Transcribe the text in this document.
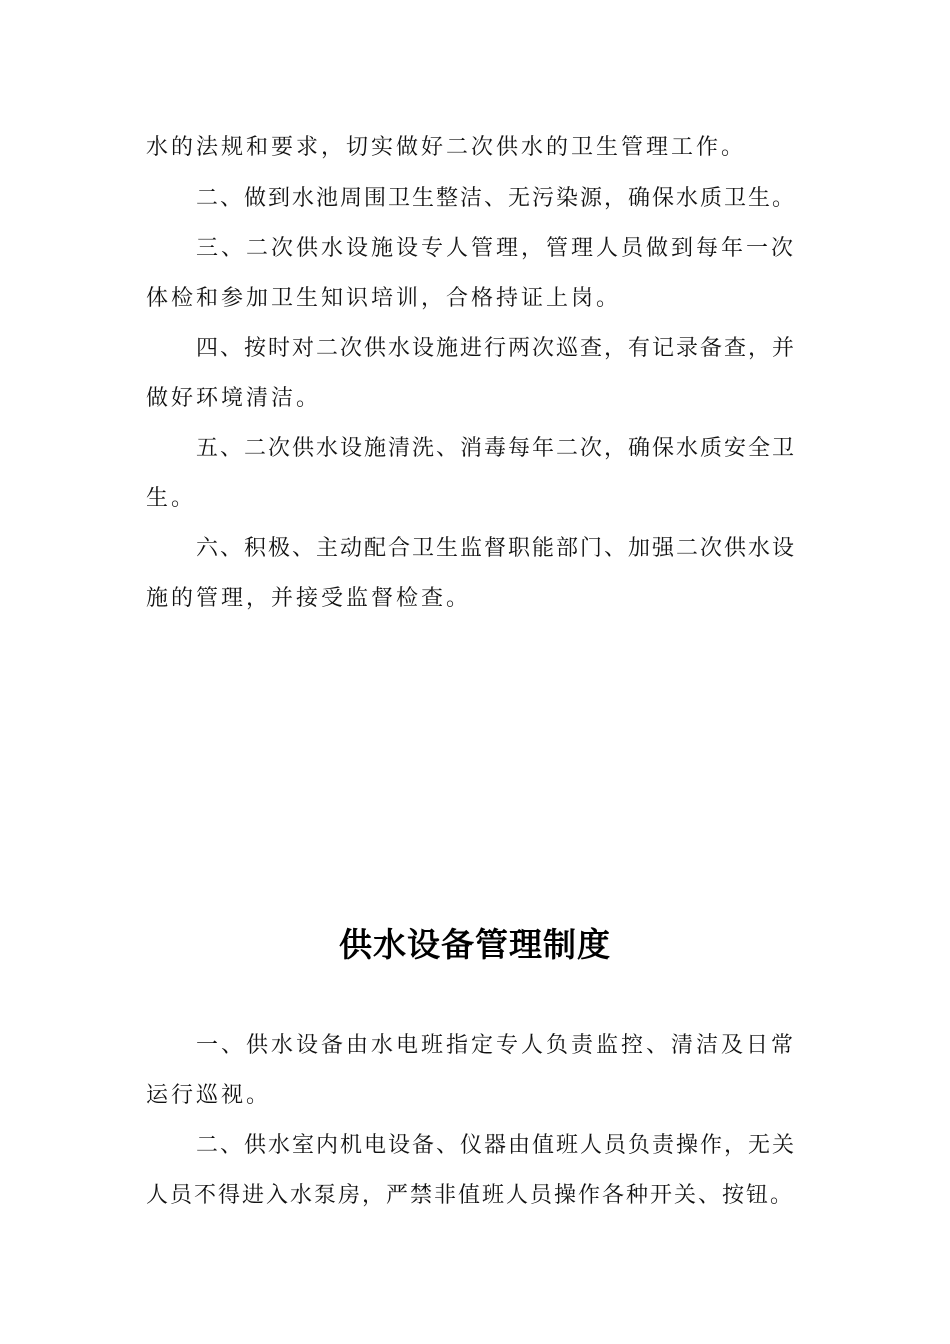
水的法规和要求，切实做好二次供水的卫生管理工作。

二、做到水池周围卫生整洁、无污染源，确保水质卫生。

三、二次供水设施设专人管理，管理人员做到每年一次

体检和参加卫生知识培训，合格持证上岗。

四、按时对二次供水设施进行两次巡查，有记录备查，并

做好环境清洁。

五、二次供水设施清洗、消毒每年二次，确保水质安全卫

生。

六、积极、主动配合卫生监督职能部门、加强二次供水设

施的管理，并接受监督检查。

供水设备管理制度

一、供水设备由水电班指定专人负责监控、清洁及日常

运行巡视。

二、供水室内机电设备、仪器由值班人员负责操作，无关

人员不得进入水泵房，严禁非值班人员操作各种开关、按钮。
